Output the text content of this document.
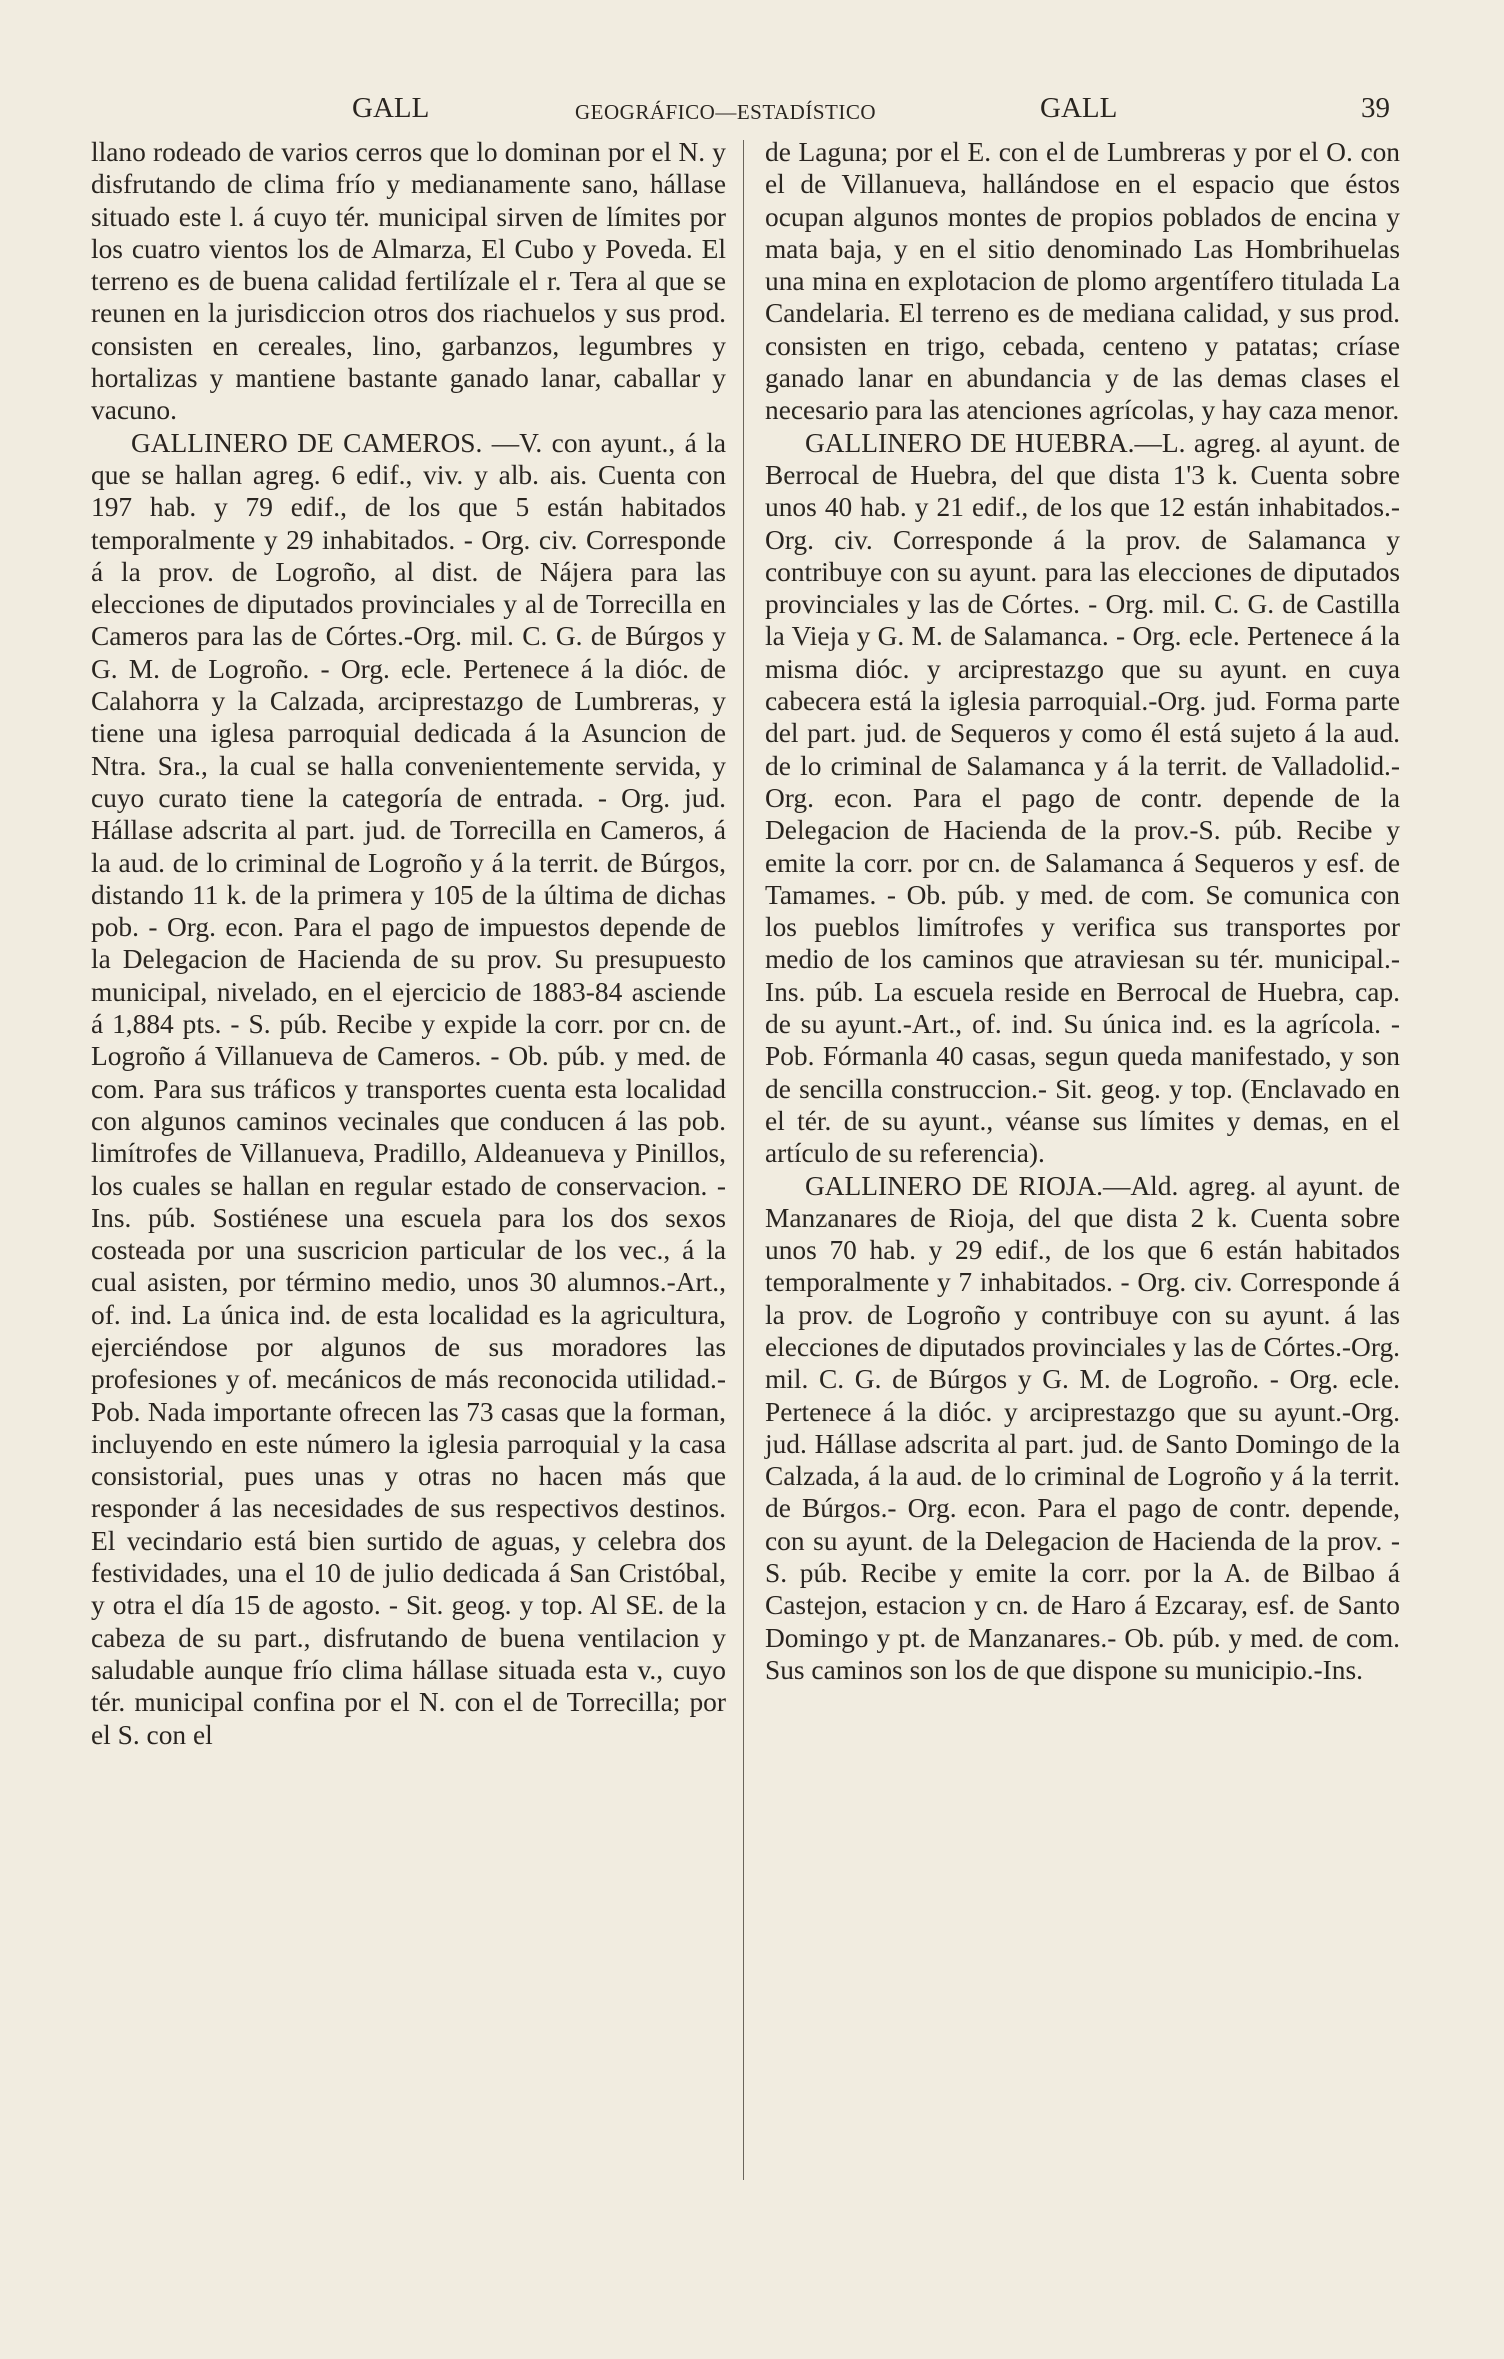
GALL	GEOGRÁFICO—ESTADÍSTICO	GALL	39

llano rodeado de varios cerros que lo dominan por el N. y disfrutando de clima frío y medianamente sano, hállase situado este l. á cuyo tér. municipal sirven de límites por los cuatro vientos los de Almarza, El Cubo y Poveda. El terreno es de buena calidad fertilízale el r. Tera al que se reunen en la jurisdiccion otros dos riachuelos y sus prod. consisten en cereales, lino, garbanzos, legumbres y hortalizas y mantiene bastante ganado lanar, caballar y vacuno.

GALLINERO DE CAMEROS. —V. con ayunt., á la que se hallan agreg. 6 edif., viv. y alb. ais. Cuenta con 197 hab. y 79 edif., de los que 5 están habitados temporalmente y 29 inhabitados. - Org. civ. Corresponde á la prov. de Logroño, al dist. de Nájera para las elecciones de diputados provinciales y al de Torrecilla en Cameros para las de Córtes.-Org. mil. C. G. de Búrgos y G. M. de Logroño. - Org. ecle. Pertenece á la dióc. de Calahorra y la Calzada, arciprestazgo de Lumbreras, y tiene una iglesa parroquial dedicada á la Asuncion de Ntra. Sra., la cual se halla convenientemente servida, y cuyo curato tiene la categoría de entrada. - Org. jud. Hállase adscrita al part. jud. de Torrecilla en Cameros, á la aud. de lo criminal de Logroño y á la territ. de Búrgos, distando 11 k. de la primera y 105 de la última de dichas pob. - Org. econ. Para el pago de impuestos depende de la Delegacion de Hacienda de su prov. Su presupuesto municipal, nivelado, en el ejercicio de 1883-84 asciende á 1,884 pts. - S. púb. Recibe y expide la corr. por cn. de Logroño á Villanueva de Cameros. - Ob. púb. y med. de com. Para sus tráficos y transportes cuenta esta localidad con algunos caminos vecinales que conducen á las pob. limítrofes de Villanueva, Pradillo, Aldeanueva y Pinillos, los cuales se hallan en regular estado de conservacion. - Ins. púb. Sostiénese una escuela para los dos sexos costeada por una suscricion particular de los vec., á la cual asisten, por término medio, unos 30 alumnos.-Art., of. ind. La única ind. de esta localidad es la agricultura, ejerciéndose por algunos de sus moradores las profesiones y of. mecánicos de más reconocida utilidad.-Pob. Nada importante ofrecen las 73 casas que la forman, incluyendo en este número la iglesia parroquial y la casa consistorial, pues unas y otras no hacen más que responder á las necesidades de sus respectivos destinos. El vecindario está bien surtido de aguas, y celebra dos festividades, una el 10 de julio dedicada á San Cristóbal, y otra el día 15 de agosto. - Sit. geog. y top. Al SE. de la cabeza de su part., disfrutando de buena ventilacion y saludable aunque frío clima hállase situada esta v., cuyo tér. municipal confina por el N. con el de Torrecilla; por el S. con el

de Laguna; por el E. con el de Lumbreras y por el O. con el de Villanueva, hallándose en el espacio que éstos ocupan algunos montes de propios poblados de encina y mata baja, y en el sitio denominado Las Hombrihuelas una mina en explotacion de plomo argentífero titulada La Candelaria. El terreno es de mediana calidad, y sus prod. consisten en trigo, cebada, centeno y patatas; críase ganado lanar en abundancia y de las demas clases el necesario para las atenciones agrícolas, y hay caza menor.

GALLINERO DE HUEBRA.—L. agreg. al ayunt. de Berrocal de Huebra, del que dista 1'3 k. Cuenta sobre unos 40 hab. y 21 edif., de los que 12 están inhabitados.-Org. civ. Corresponde á la prov. de Salamanca y contribuye con su ayunt. para las elecciones de diputados provinciales y las de Córtes. - Org. mil. C. G. de Castilla la Vieja y G. M. de Salamanca. - Org. ecle. Pertenece á la misma dióc. y arciprestazgo que su ayunt. en cuya cabecera está la iglesia parroquial.-Org. jud. Forma parte del part. jud. de Sequeros y como él está sujeto á la aud. de lo criminal de Salamanca y á la territ. de Valladolid.-Org. econ. Para el pago de contr. depende de la Delegacion de Hacienda de la prov.-S. púb. Recibe y emite la corr. por cn. de Salamanca á Sequeros y esf. de Tamames. - Ob. púb. y med. de com. Se comunica con los pueblos limítrofes y verifica sus transportes por medio de los caminos que atraviesan su tér. municipal.- Ins. púb. La escuela reside en Berrocal de Huebra, cap. de su ayunt.-Art., of. ind. Su única ind. es la agrícola. - Pob. Fórmanla 40 casas, segun queda manifestado, y son de sencilla construccion.- Sit. geog. y top. (Enclavado en el tér. de su ayunt., véanse sus límites y demas, en el artículo de su referencia).

GALLINERO DE RIOJA.—Ald. agreg. al ayunt. de Manzanares de Rioja, del que dista 2 k. Cuenta sobre unos 70 hab. y 29 edif., de los que 6 están habitados temporalmente y 7 inhabitados. - Org. civ. Corresponde á la prov. de Logroño y contribuye con su ayunt. á las elecciones de diputados provinciales y las de Córtes.-Org. mil. C. G. de Búrgos y G. M. de Logroño. - Org. ecle. Pertenece á la dióc. y arciprestazgo que su ayunt.-Org. jud. Hállase adscrita al part. jud. de Santo Domingo de la Calzada, á la aud. de lo criminal de Logroño y á la territ. de Búrgos.- Org. econ. Para el pago de contr. depende, con su ayunt. de la Delegacion de Hacienda de la prov. - S. púb. Recibe y emite la corr. por la A. de Bilbao á Castejon, estacion y cn. de Haro á Ezcaray, esf. de Santo Domingo y pt. de Manzanares.- Ob. púb. y med. de com. Sus caminos son los de que dispone su municipio.-Ins.
